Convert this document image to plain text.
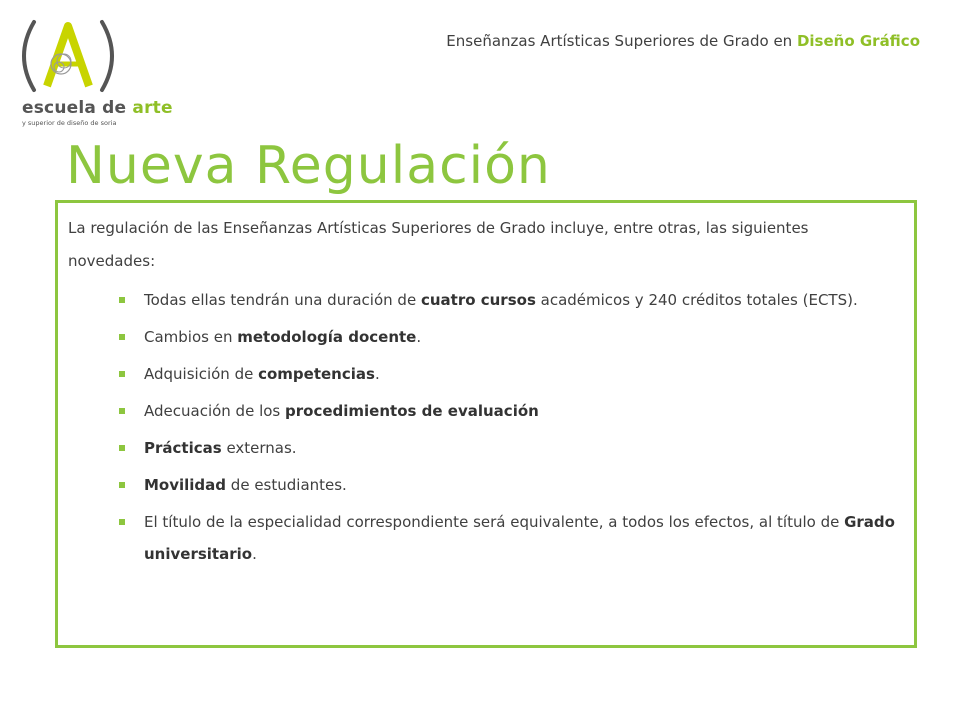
escuela de arte
y superior de diseño de soria
Enseñanzas Artísticas Superiores de Grado en Diseño Gráfico
Nueva Regulación
La regulación de las Enseñanzas Artísticas Superiores de Grado incluye, entre otras, las siguientes novedades:
Todas ellas tendrán una duración de cuatro cursos académicos y 240 créditos totales (ECTS).
Cambios en metodología docente.
Adquisición de competencias.
Adecuación de los procedimientos de evaluación
Prácticas externas.
Movilidad de estudiantes.
El título de la especialidad correspondiente será equivalente, a todos los efectos, al título de Grado universitario.
